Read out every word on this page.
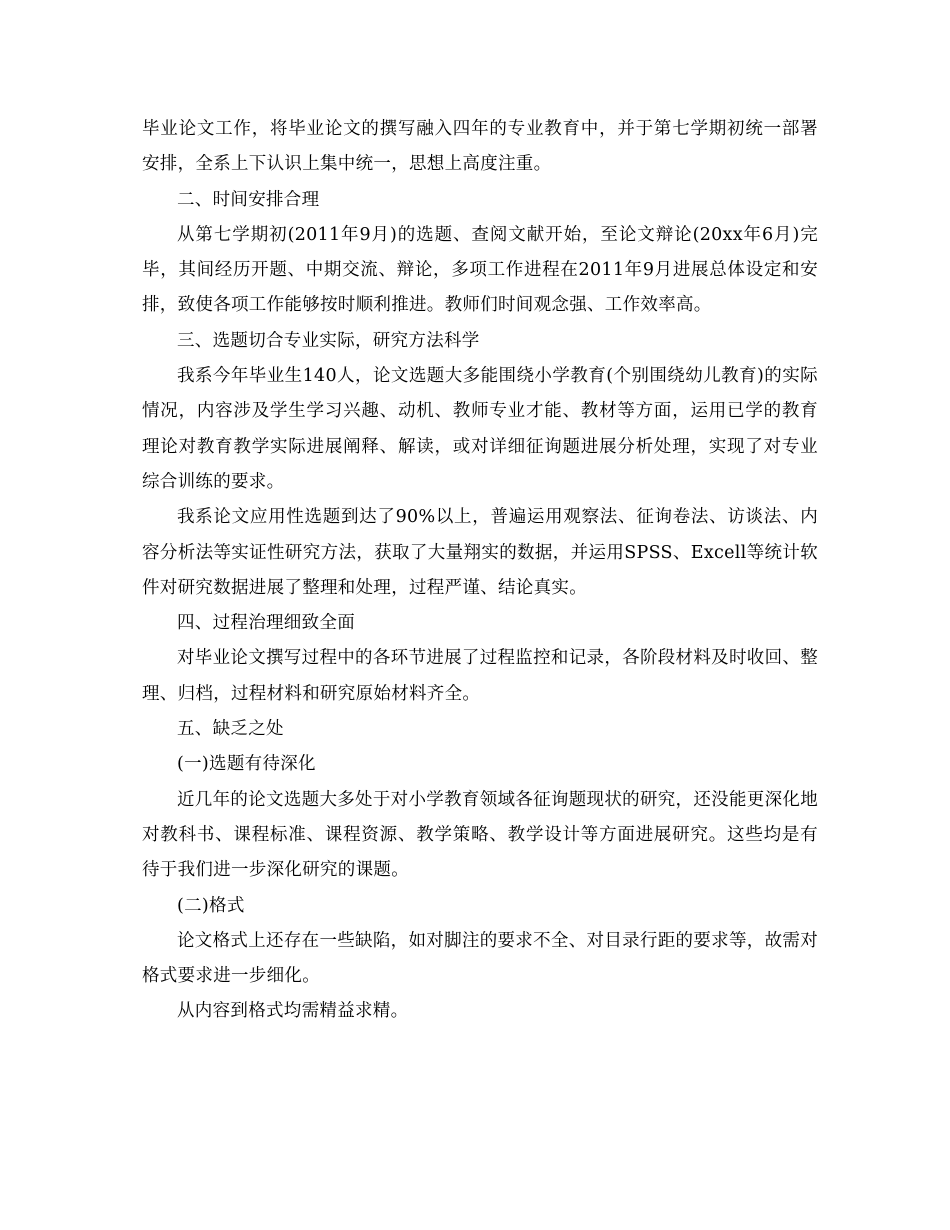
毕业论文工作，将毕业论文的撰写融入四年的专业教育中，并于第七学期初统一部署安排，全系上下认识上集中统一，思想上高度注重。

二、时间安排合理

从第七学期初(2011年9月)的选题、查阅文献开始，至论文辩论(20xx年6月)完毕，其间经历开题、中期交流、辩论，多项工作进程在2011年9月进展总体设定和安排，致使各项工作能够按时顺利推进。教师们时间观念强、工作效率高。

三、选题切合专业实际，研究方法科学

我系今年毕业生140人，论文选题大多能围绕小学教育(个别围绕幼儿教育)的实际情况，内容涉及学生学习兴趣、动机、教师专业才能、教材等方面，运用已学的教育理论对教育教学实际进展阐释、解读，或对详细征询题进展分析处理，实现了对专业综合训练的要求。

我系论文应用性选题到达了90%以上，普遍运用观察法、征询卷法、访谈法、内容分析法等实证性研究方法，获取了大量翔实的数据，并运用SPSS、Excell等统计软件对研究数据进展了整理和处理，过程严谨、结论真实。

四、过程治理细致全面

对毕业论文撰写过程中的各环节进展了过程监控和记录，各阶段材料及时收回、整理、归档，过程材料和研究原始材料齐全。

五、缺乏之处

(一)选题有待深化

近几年的论文选题大多处于对小学教育领域各征询题现状的研究，还没能更深化地对教科书、课程标准、课程资源、教学策略、教学设计等方面进展研究。这些均是有待于我们进一步深化研究的课题。

(二)格式

论文格式上还存在一些缺陷，如对脚注的要求不全、对目录行距的要求等，故需对格式要求进一步细化。

从内容到格式均需精益求精。
